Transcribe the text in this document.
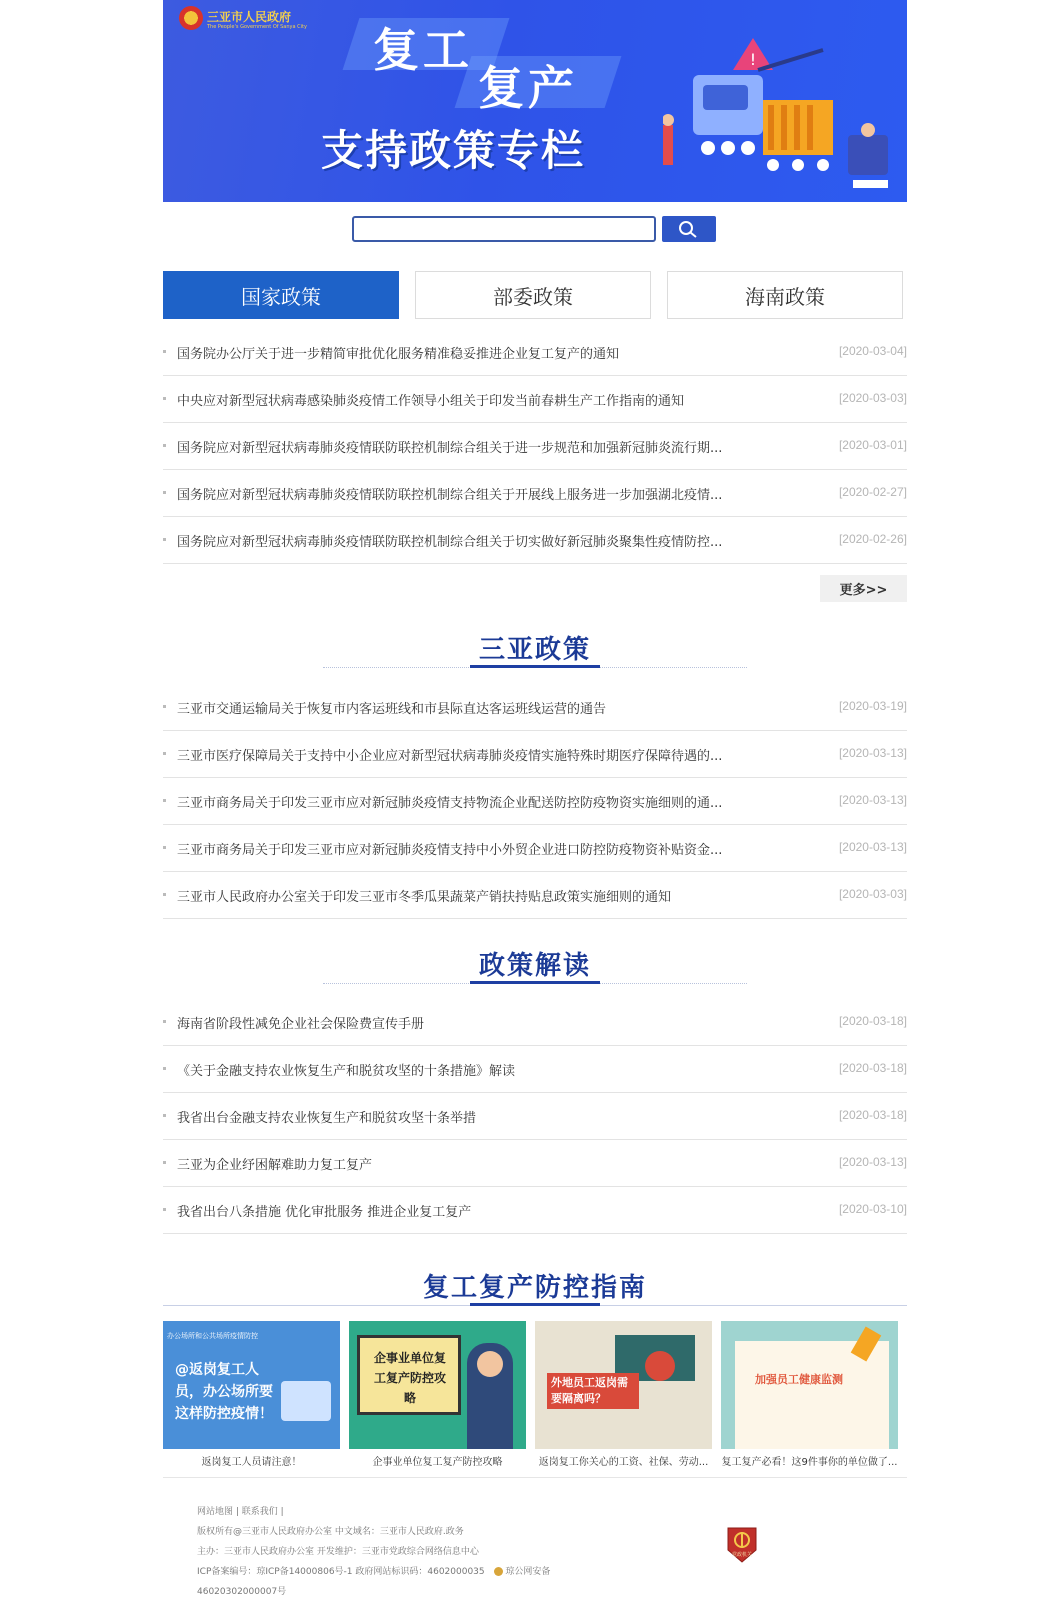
三亚市人民政府
The People's Government Of Sanya City 复工
复产
支持政策专栏
!
国家政策	部委政策	海南政策
国务院办公厅关于进一步精简审批优化服务精准稳妥推进企业复工复产的通知	[2020-03-04]
中央应对新型冠状病毒感染肺炎疫情工作领导小组关于印发当前春耕生产工作指南的通知	[2020-03-03]
国务院应对新型冠状病毒肺炎疫情联防联控机制综合组关于进一步规范和加强新冠肺炎流行期...	[2020-03-01]
国务院应对新型冠状病毒肺炎疫情联防联控机制综合组关于开展线上服务进一步加强湖北疫情...	[2020-02-27]
国务院应对新型冠状病毒肺炎疫情联防联控机制综合组关于切实做好新冠肺炎聚集性疫情防控...	[2020-02-26]
更多>>
三亚政策
三亚市交通运输局关于恢复市内客运班线和市县际直达客运班线运营的通告	[2020-03-19]
三亚市医疗保障局关于支持中小企业应对新型冠状病毒肺炎疫情实施特殊时期医疗保障待遇的...	[2020-03-13]
三亚市商务局关于印发三亚市应对新冠肺炎疫情支持物流企业配送防控防疫物资实施细则的通...	[2020-03-13]
三亚市商务局关于印发三亚市应对新冠肺炎疫情支持中小外贸企业进口防控防疫物资补贴资金...	[2020-03-13]
三亚市人民政府办公室关于印发三亚市冬季瓜果蔬菜产销扶持贴息政策实施细则的通知	[2020-03-03]
政策解读
海南省阶段性减免企业社会保险费宣传手册	[2020-03-18]
《关于金融支持农业恢复生产和脱贫攻坚的十条措施》解读	[2020-03-18]
我省出台金融支持农业恢复生产和脱贫攻坚十条举措	[2020-03-18]
三亚为企业纾困解难助力复工复产	[2020-03-13]
我省出台八条措施 优化审批服务 推进企业复工复产	[2020-03-10]
复工复产防控指南
办公场所和公共场所疫情防控
@返岗复工人员，办公场所要这样防控疫情！
返岗复工人员请注意！
企事业单位复工复产防控攻略
企事业单位复工复产防控攻略
外地员工返岗需要隔离吗？
返岗复工你关心的工资、社保、劳动...
加强员工健康监测
复工复产必看！这9件事你的单位做了...
网站地图 | 联系我们 |
版权所有@三亚市人民政府办公室 中文域名：三亚市人民政府.政务
主办：三亚市人民政府办公室 开发维护：三亚市党政综合网络信息中心
ICP备案编号：琼ICP备14000806号-1 政府网站标识码：4602000035 琼公网安备
46020302000007号
党政机关
